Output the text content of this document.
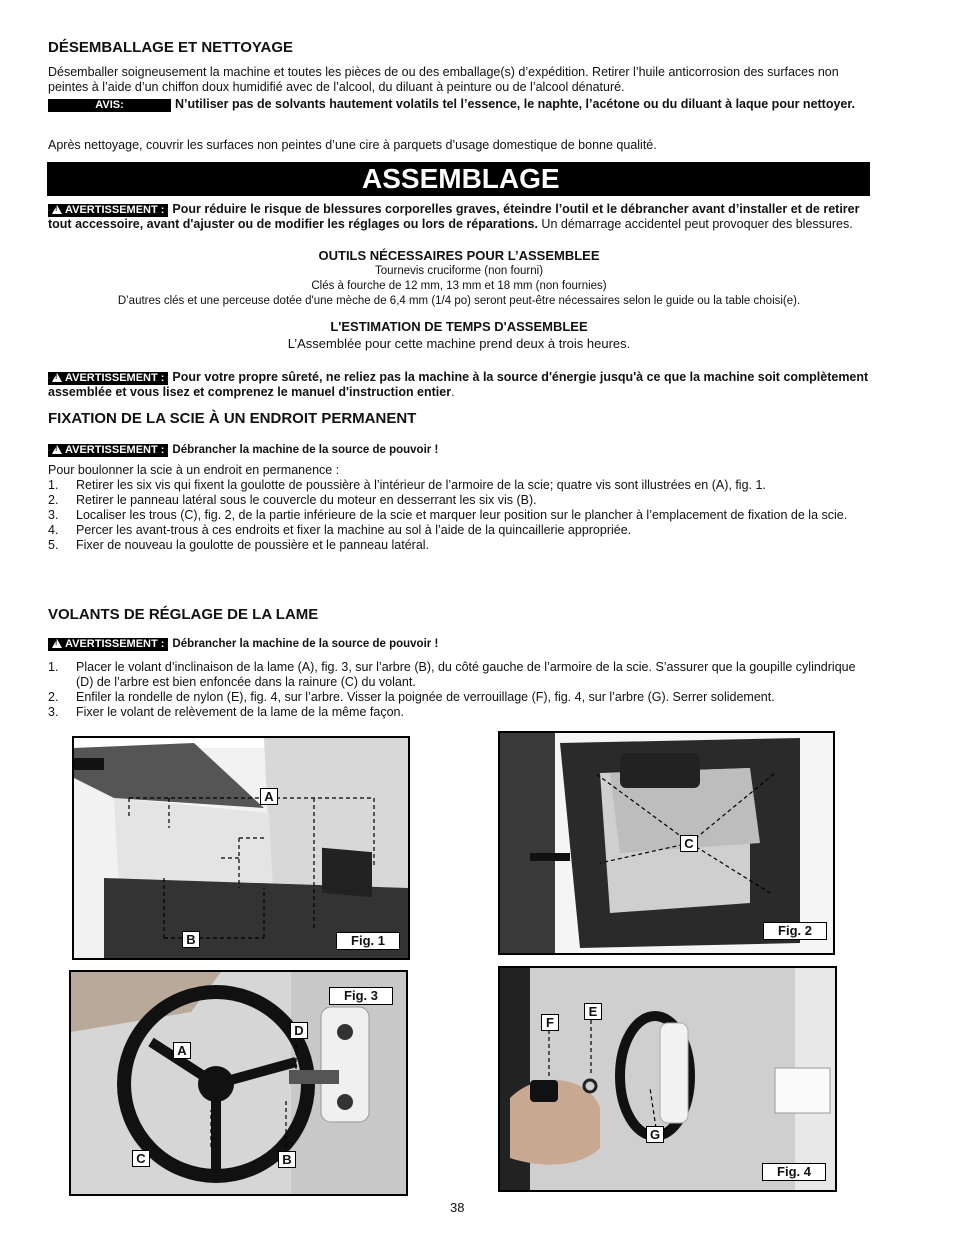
DÉSEMBALLAGE ET NETTOYAGE

Désemballer soigneusement la machine et toutes les pièces de ou des emballage(s) d’expédition. Retirer l’huile anticorrosion des surfaces non peintes à l’aide d’un chiffon doux humidifié avec de l’alcool, du diluant à peinture ou de l’alcool dénaturé.

AVIS:	N’utiliser pas de solvants hautement volatils tel l’essence, le naphte, l’acétone ou du diluant à laque pour nettoyer.

Après nettoyage, couvrir les surfaces non peintes d’une cire à parquets d’usage domestique de bonne qualité.

ASSEMBLAGE
!AVERTISSEMENT : Pour réduire le risque de blessures corporelles graves, éteindre l’outil et le débrancher avant d’installer et de retirer tout accessoire, avant d'ajuster ou de modifier les réglages ou lors de réparations. Un démarrage accidentel peut provoquer des blessures.
OUTILS NÉCESSAIRES POUR L’ASSEMBLEE
Tournevis cruciforme (non fourni)
Clés à fourche de 12 mm, 13 mm et 18 mm (non fournies)
D’autres clés et une perceuse dotée d'une mèche de 6,4 mm (1/4 po) seront peut-être nécessaires selon le guide ou la table choisi(e).
L'ESTIMATION DE TEMPS D'ASSEMBLEE
L’Assemblée pour cette machine prend deux à trois heures.
!AVERTISSEMENT : Pour votre propre sûreté, ne reliez pas la machine à la source d'énergie jusqu'à ce que la machine soit complètement assemblée et vous lisez et comprenez le manuel d'instruction entier.
FIXATION DE LA SCIE À UN ENDROIT PERMANENT
!AVERTISSEMENT : Débrancher la machine de la source de pouvoir !

Pour boulonner la scie à un endroit en permanence :

1. Retirer les six vis qui fixent la goulotte de poussière à l’intérieur de l’armoire de la scie; quatre vis sont illustrées en (A), fig. 1.
2. Retirer le panneau latéral sous le couvercle du moteur en desserrant les six vis (B).
3. Localiser les trous (C), fig. 2, de la partie inférieure de la scie et marquer leur position sur le plancher à l’emplacement de fixation de la scie.
4. Percer les avant-trous à ces endroits et fixer la machine au sol à l’aide de la quincaillerie appropriée.
5. Fixer de nouveau la goulotte de poussière et le panneau latéral.
VOLANTS DE RÉGLAGE DE LA LAME
!AVERTISSEMENT : Débrancher la machine de la source de pouvoir !
1. Placer le volant d’inclinaison de la lame (A), fig. 3, sur l’arbre (B), du côté gauche de l’armoire de la scie. S’assurer que la goupille cylindrique (D) de l’arbre est bien enfoncée dans la rainure (C) du volant.
2. Enfiler la rondelle de nylon (E), fig. 4, sur l’arbre. Visser la poignée de verrouillage (F), fig. 4, sur l’arbre (G). Serrer solidement.
3. Fixer le volant de relèvement de la lame de la même façon.
A
B	Fig. 1
C
Fig. 2
Fig. 3
A
C
D
B
F
E
G
Fig. 4
38
